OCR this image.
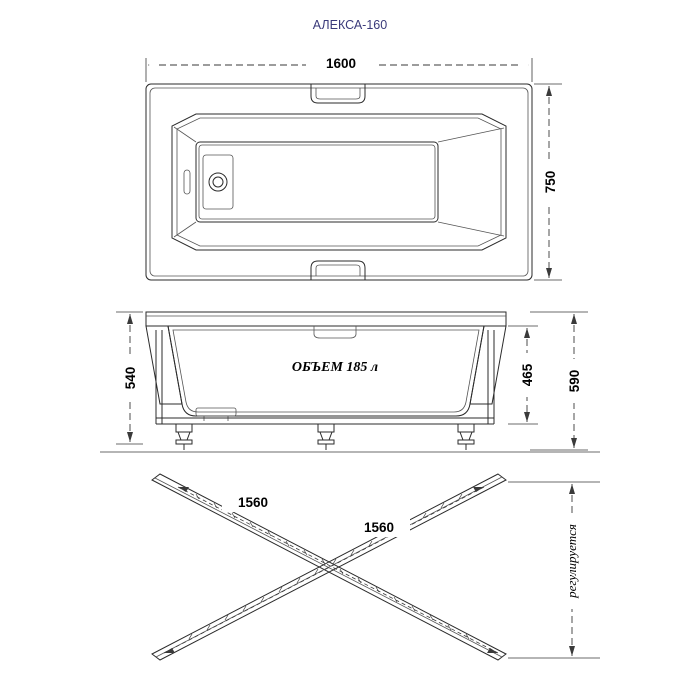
АЛЕКСА-160
1600
750
ОБЪЕМ 185 л
540	465 590
1560
1560	регулируется
